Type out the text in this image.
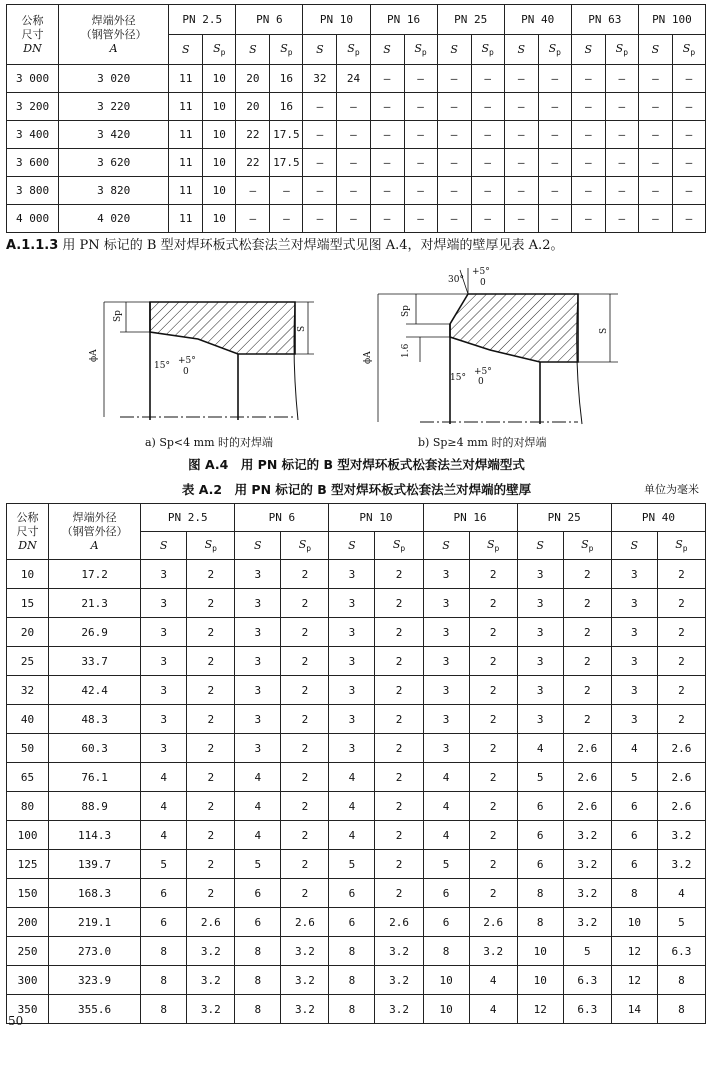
公称
尺寸
DN	焊端外径
（钢管外径）
A	PN 2.5		PN 6		PN 10		PN 16		PN 25		PN 40		PN 63		PN 100	
		S	$S_p$	S	$S_p$	S	$S_p$	S	$S_p$	S	$S_p$	S	$S_p$	S	$S_p$	S	$S_p$
3 000	3 020	11	10	20	16	32	24	—	—	—	—	—	—	—	—	—	—
3 200	3 220	11	10	20	16	—	—	—	—	—	—	—	—	—	—	—	—
3 400	3 420	11	10	22	17.5	—	—	—	—	—	—	—	—	—	—	—	—
3 600	3 620	11	10	22	17.5	—	—	—	—	—	—	—	—	—	—	—	—
3 800	3 820	11	10	—	—	—	—	—	—	—	—	—	—	—	—	—	—
4 000	4 020	11	10	—	—	—	—	—	—	—	—	—	—	—	—	—	—
A.1.1.3 用 PN 标记的 B 型对焊环板式松套法兰对焊端型式见图 A.4，对焊端的壁厚见表 A.2。
ϕA
Sp
S
15° +5°
0
30°
+5°
0
ϕA
Sp
1.6
S
15°
+5°
0
a) Sp<4 mm 时的对焊端	b) Sp≥4 mm 时的对焊端
图 A.4　用 PN 标记的 B 型对焊环板式松套法兰对焊端型式
表 A.2　用 PN 标记的 B 型对焊环板式松套法兰对焊端的壁厚	单位为毫米
公称
尺寸
DN	焊端外径
（钢管外径）
A	PN 2.5		PN 6		PN 10		PN 16		PN 25		PN 40	
		S	$S_p$	S	$S_p$	S	$S_p$	S	$S_p$	S	$S_p$	S	$S_p$
10	17.2	3	2	3	2	3	2	3	2	3	2	3	2
15	21.3	3	2	3	2	3	2	3	2	3	2	3	2
20	26.9	3	2	3	2	3	2	3	2	3	2	3	2
25	33.7	3	2	3	2	3	2	3	2	3	2	3	2
32	42.4	3	2	3	2	3	2	3	2	3	2	3	2
40	48.3	3	2	3	2	3	2	3	2	3	2	3	2
50	60.3	3	2	3	2	3	2	3	2	4	2.6	4	2.6
65	76.1	4	2	4	2	4	2	4	2	5	2.6	5	2.6
80	88.9	4	2	4	2	4	2	4	2	6	2.6	6	2.6
100	114.3	4	2	4	2	4	2	4	2	6	3.2	6	3.2
125	139.7	5	2	5	2	5	2	5	2	6	3.2	6	3.2
150	168.3	6	2	6	2	6	2	6	2	8	3.2	8	4
200	219.1	6	2.6	6	2.6	6	2.6	6	2.6	8	3.2	10	5
250	273.0	8	3.2	8	3.2	8	3.2	8	3.2	10	5	12	6.3
300	323.9	8	3.2	8	3.2	8	3.2	10	4	10	6.3	12	8
350	355.6	8	3.2	8	3.2	8	3.2	10	4	12	6.3	14	8
50
